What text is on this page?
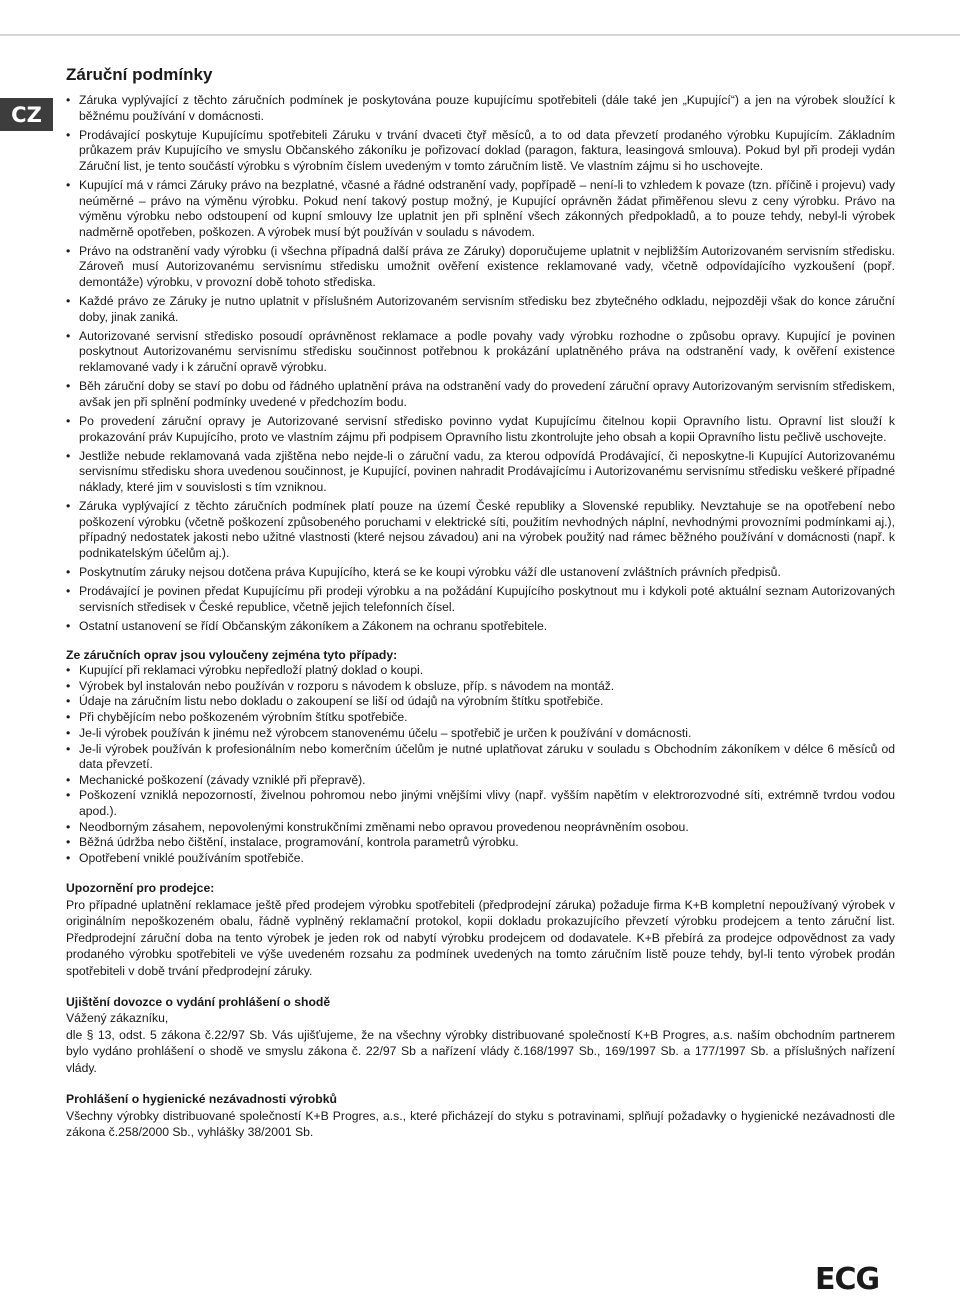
CZ
Záruční podmínky
• Záruka vyplývající z těchto záručních podmínek je poskytována pouze kupujícímu spotřebiteli (dále také jen „Kupující“) a jen na výrobek sloužící k běžnému používání v domácnosti.
• Prodávající poskytuje Kupujícímu spotřebiteli Záruku v trvání dvaceti čtyř měsíců, a to od data převzetí prodaného výrobku Kupujícím. Základním průkazem práv Kupujícího ve smyslu Občanského zákoníku je pořizovací doklad (paragon, faktura, leasingová smlouva). Pokud byl při prodeji vydán Záruční list, je tento součástí výrobku s výrobním číslem uvedeným v tomto záručním listě. Ve vlastním zájmu si ho uschovejte.
• Kupující má v rámci Záruky právo na bezplatné, včasné a řádné odstranění vady, popřípadě – není-li to vzhledem k povaze (tzn. příčině i projevu) vady neúměrné – právo na výměnu výrobku. Pokud není takový postup možný, je Kupující oprávněn žádat přiměřenou slevu z ceny výrobku. Právo na výměnu výrobku nebo odstoupení od kupní smlouvy lze uplatnit jen při splnění všech zákonných předpokladů, a to pouze tehdy, nebyl-li výrobek nadměrně opotřeben, poškozen. A výrobek musí být používán v souladu s návodem.
• Právo na odstranění vady výrobku (i všechna případná další práva ze Záruky) doporučujeme uplatnit v nejbližším Autorizovaném servisním středisku. Zároveň musí Autorizovanému servisnímu středisku umožnit ověření existence reklamované vady, včetně odpovídajícího vyzkoušení (popř. demontáže) výrobku, v provozní době tohoto střediska.
• Každé právo ze Záruky je nutno uplatnit v příslušném Autorizovaném servisním středisku bez zbytečného odkladu, nejpozději však do konce záruční doby, jinak zaniká.
• Autorizované servisní středisko posoudí oprávněnost reklamace a podle povahy vady výrobku rozhodne o způsobu opravy. Kupující je povinen poskytnout Autorizovanému servisnímu středisku součinnost potřebnou k prokázání uplatněného práva na odstranění vady, k ověření existence reklamované vady i k záruční opravě výrobku.
• Běh záruční doby se staví po dobu od řádného uplatnění práva na odstranění vady do provedení záruční opravy Autorizovaným servisním střediskem, avšak jen při splnění podmínky uvedené v předchozím bodu.
• Po provedení záruční opravy je Autorizované servisní středisko povinno vydat Kupujícímu čitelnou kopii Opravního listu. Opravní list slouží k prokazování práv Kupujícího, proto ve vlastním zájmu při podpisem Opravního listu zkontrolujte jeho obsah a kopii Opravního listu pečlivě uschovejte.
• Jestliže nebude reklamovaná vada zjištěna nebo nejde-li o záruční vadu, za kterou odpovídá Prodávající, či neposkytne-li Kupující Autorizovanému servisnímu středisku shora uvedenou součinnost, je Kupující, povinen nahradit Prodávajícímu i Autorizovanému servisnímu středisku veškeré případné náklady, které jim v souvislosti s tím vzniknou.
• Záruka vyplývající z těchto záručních podmínek platí pouze na území České republiky a Slovenské republiky. Nevztahuje se na opotřebení nebo poškození výrobku (včetně poškození způsobeného poruchami v elektrické síti, použitím nevhodných náplní, nevhodnými provozními podmínkami aj.), případný nedostatek jakosti nebo užitné vlastnosti (které nejsou závadou) ani na výrobek použitý nad rámec běžného používání v domácnosti (např. k podnikatelským účelům aj.).
• Poskytnutím záruky nejsou dotčena práva Kupujícího, která se ke koupi výrobku váží dle ustanovení zvláštních právních předpisů.
• Prodávající je povinen předat Kupujícímu při prodeji výrobku a na požádání Kupujícího poskytnout mu i kdykoli poté aktuální seznam Autorizovaných servisních středisek v České republice, včetně jejich telefonních čísel.
• Ostatní ustanovení se řídí Občanským zákoníkem a Zákonem na ochranu spotřebitele.

Ze záručních oprav jsou vyloučeny zejména tyto případy:

• Kupující při reklamaci výrobku nepředloží platný doklad o koupi.
• Výrobek byl instalován nebo používán v rozporu s návodem k obsluze, příp. s návodem na montáž.
• Údaje na záručním listu nebo dokladu o zakoupení se liší od údajů na výrobním štítku spotřebiče.
• Při chybějícím nebo poškozeném výrobním štítku spotřebiče.
• Je-li výrobek používán k jinému než výrobcem stanovenému účelu – spotřebič je určen k používání v domácnosti.
• Je-li výrobek používán k profesionálním nebo komerčním účelům je nutné uplatňovat záruku v souladu s Obchodním zákoníkem v délce 6 měsíců od data převzetí.
• Mechanické poškození (závady vzniklé při přepravě).
• Poškození vzniklá nepozorností, živelnou pohromou nebo jinými vnějšími vlivy (např. vyšším napětím v elektrorozvodné síti, extrémně tvrdou vodou apod.).
• Neodborným zásahem, nepovolenými konstrukčními změnami nebo opravou provedenou neoprávněním osobou.
• Běžná údržba nebo čištění, instalace, programování, kontrola parametrů výrobku.
• Opotřebení vniklé používáním spotřebiče.

Upozornění pro prodejce:

Pro případné uplatnění reklamace ještě před prodejem výrobku spotřebiteli (předprodejní záruka) požaduje firma K+B kompletní nepoužívaný výrobek v originálním nepoškozeném obalu, řádně vyplněný reklamační protokol, kopii dokladu prokazujícího převzetí výrobku prodejcem a tento záruční list. Předprodejní záruční doba na tento výrobek je jeden rok od nabytí výrobku prodejcem od dodavatele. K+B přebírá za prodejce odpovědnost za vady prodaného výrobku spotřebiteli ve výše uvedeném rozsahu za podmínek uvedených na tomto záručním listě pouze tehdy, byl-li tento výrobek prodán spotřebiteli v době trvání předprodejní záruky.

Ujištění dovozce o vydání prohlášení o shodě

Vážený zákazníku,

dle § 13, odst. 5 zákona č.22/97 Sb. Vás ujišťujeme, že na všechny výrobky distribuované společností K+B Progres, a.s. naším obchodním partnerem bylo vydáno prohlášení o shodě ve smyslu zákona č. 22/97 Sb a nařízení vlády č.168/1997 Sb., 169/1997 Sb. a 177/1997 Sb. a příslušných nařízení vlády.

Prohlášení o hygienické nezávadnosti výrobků

Všechny výrobky distribuované společností K+B Progres, a.s., které přicházejí do styku s potravinami, splňují požadavky o hygienické nezávadnosti dle zákona č.258/2000 Sb., vyhlášky 38/2001 Sb.

ECG
